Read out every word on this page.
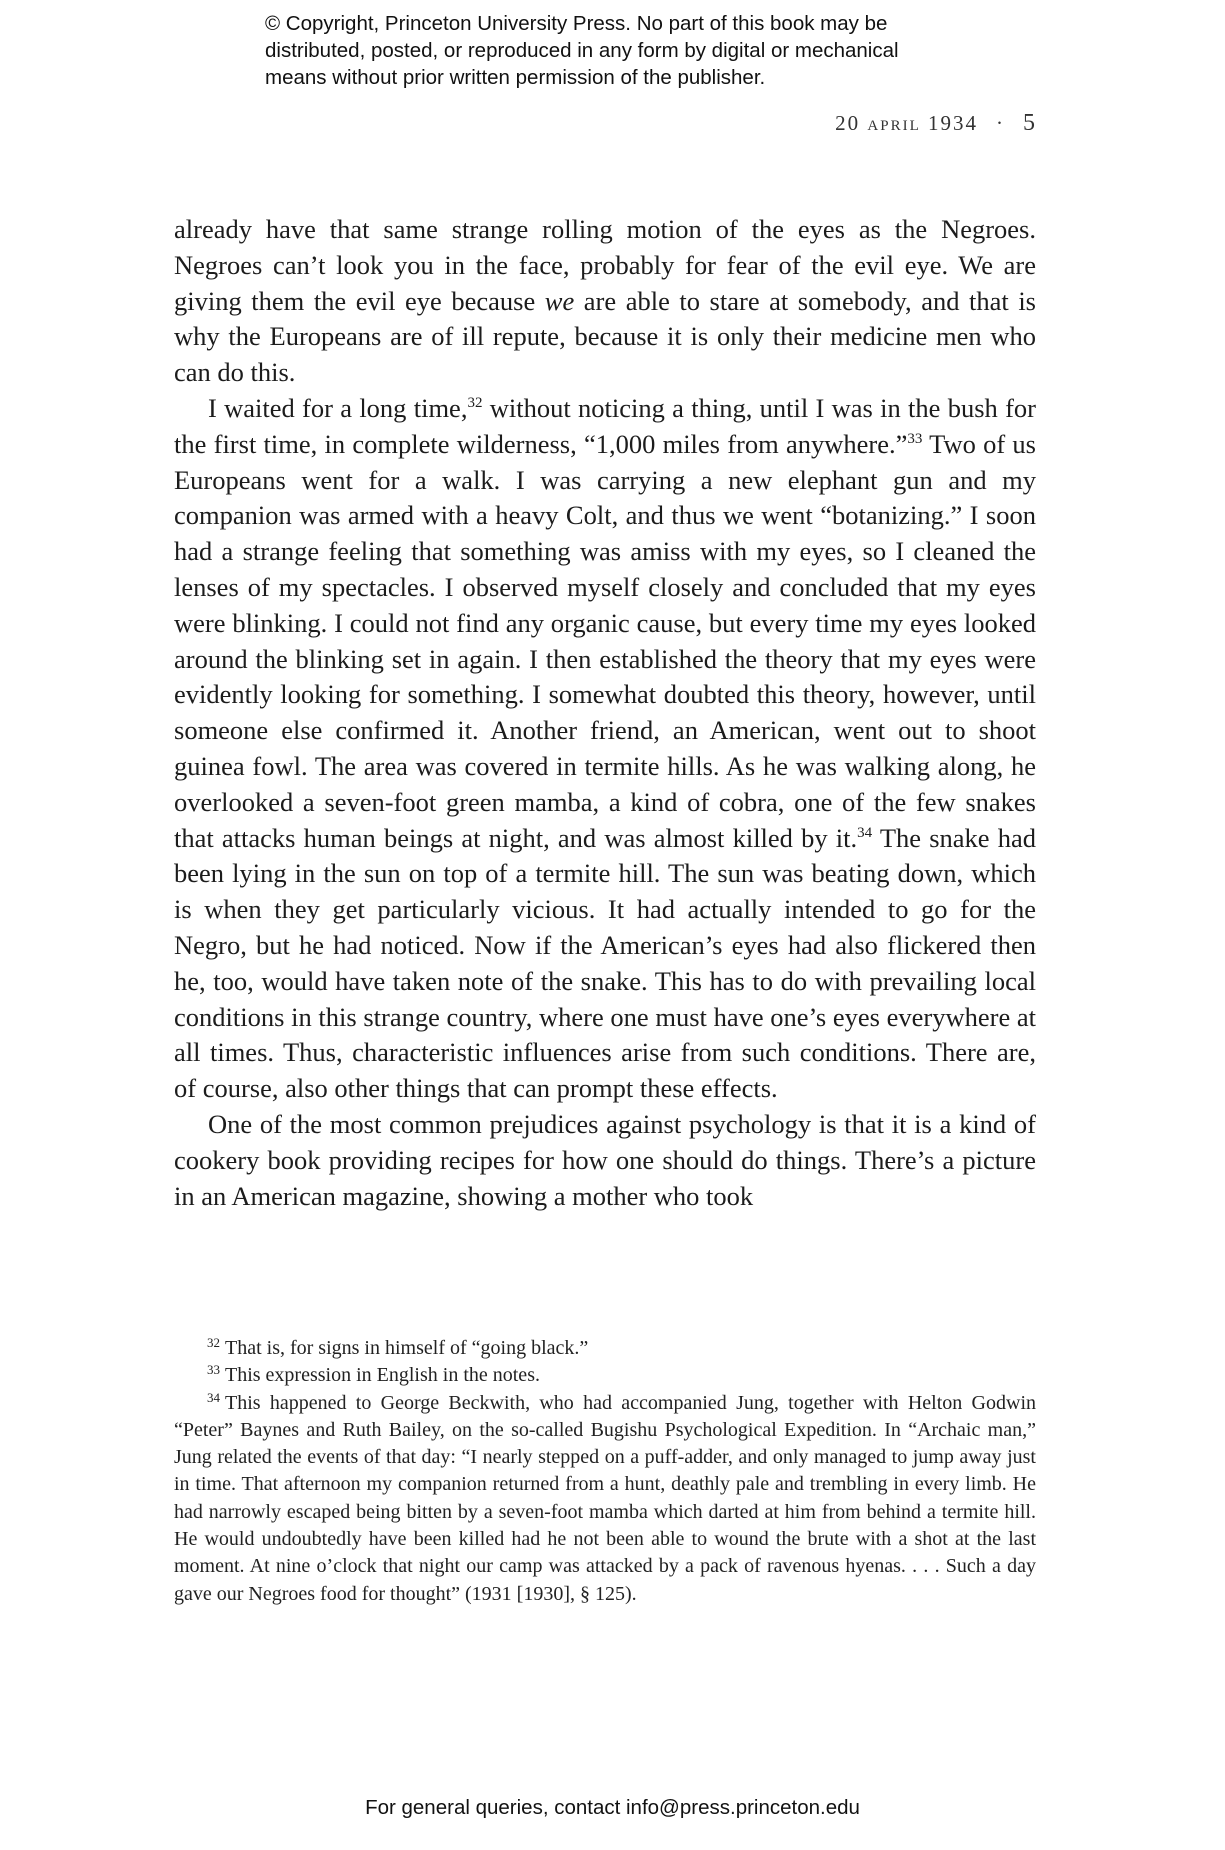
© Copyright, Princeton University Press. No part of this book may be
distributed, posted, or reproduced in any form by digital or mechanical
means without prior written permission of the publisher.
20 april 1934 · 5

already have that same strange rolling motion of the eyes as the Negroes. Negroes can’t look you in the face, probably for fear of the evil eye. We are giving them the evil eye because we are able to stare at somebody, and that is why the Europeans are of ill repute, because it is only their medicine men who can do this.

I waited for a long time,$^{32}$ without noticing a thing, until I was in the bush for the first time, in complete wilderness, “1,000 miles from anywhere.”$^{33}$ Two of us Europeans went for a walk. I was carrying a new elephant gun and my companion was armed with a heavy Colt, and thus we went “botanizing.” I soon had a strange feeling that something was amiss with my eyes, so I cleaned the lenses of my spectacles. I observed myself closely and concluded that my eyes were blinking. I could not find any organic cause, but every time my eyes looked around the blinking set in again. I then established the theory that my eyes were evidently looking for something. I somewhat doubted this theory, however, until someone else confirmed it. Another friend, an American, went out to shoot guinea fowl. The area was covered in termite hills. As he was walking along, he overlooked a seven-foot green mamba, a kind of cobra, one of the few snakes that attacks human beings at night, and was almost killed by it.$^{34}$ The snake had been lying in the sun on top of a termite hill. The sun was beating down, which is when they get particularly vicious. It had actually intended to go for the Negro, but he had noticed. Now if the American’s eyes had also flickered then he, too, would have taken note of the snake. This has to do with prevailing local conditions in this strange country, where one must have one’s eyes everywhere at all times. Thus, characteristic influences arise from such conditions. There are, of course, also other things that can prompt these effects.

One of the most common prejudices against psychology is that it is a kind of cookery book providing recipes for how one should do things. There’s a picture in an American magazine, showing a mother who took

$^{32}$ That is, for signs in himself of “going black.”

$^{33}$ This expression in English in the notes.

$^{34}$ This happened to George Beckwith, who had accompanied Jung, together with Helton Godwin “Peter” Baynes and Ruth Bailey, on the so-called Bugishu Psychological Expedition. In “Archaic man,” Jung related the events of that day: “I nearly stepped on a puff-adder, and only managed to jump away just in time. That afternoon my companion returned from a hunt, deathly pale and trembling in every limb. He had narrowly escaped being bitten by a seven-foot mamba which darted at him from behind a termite hill. He would undoubtedly have been killed had he not been able to wound the brute with a shot at the last moment. At nine o’clock that night our camp was attacked by a pack of ravenous hyenas. . . . Such a day gave our Negroes food for thought” (1931 [1930], § 125).

For general queries, contact info@press.princeton.edu
